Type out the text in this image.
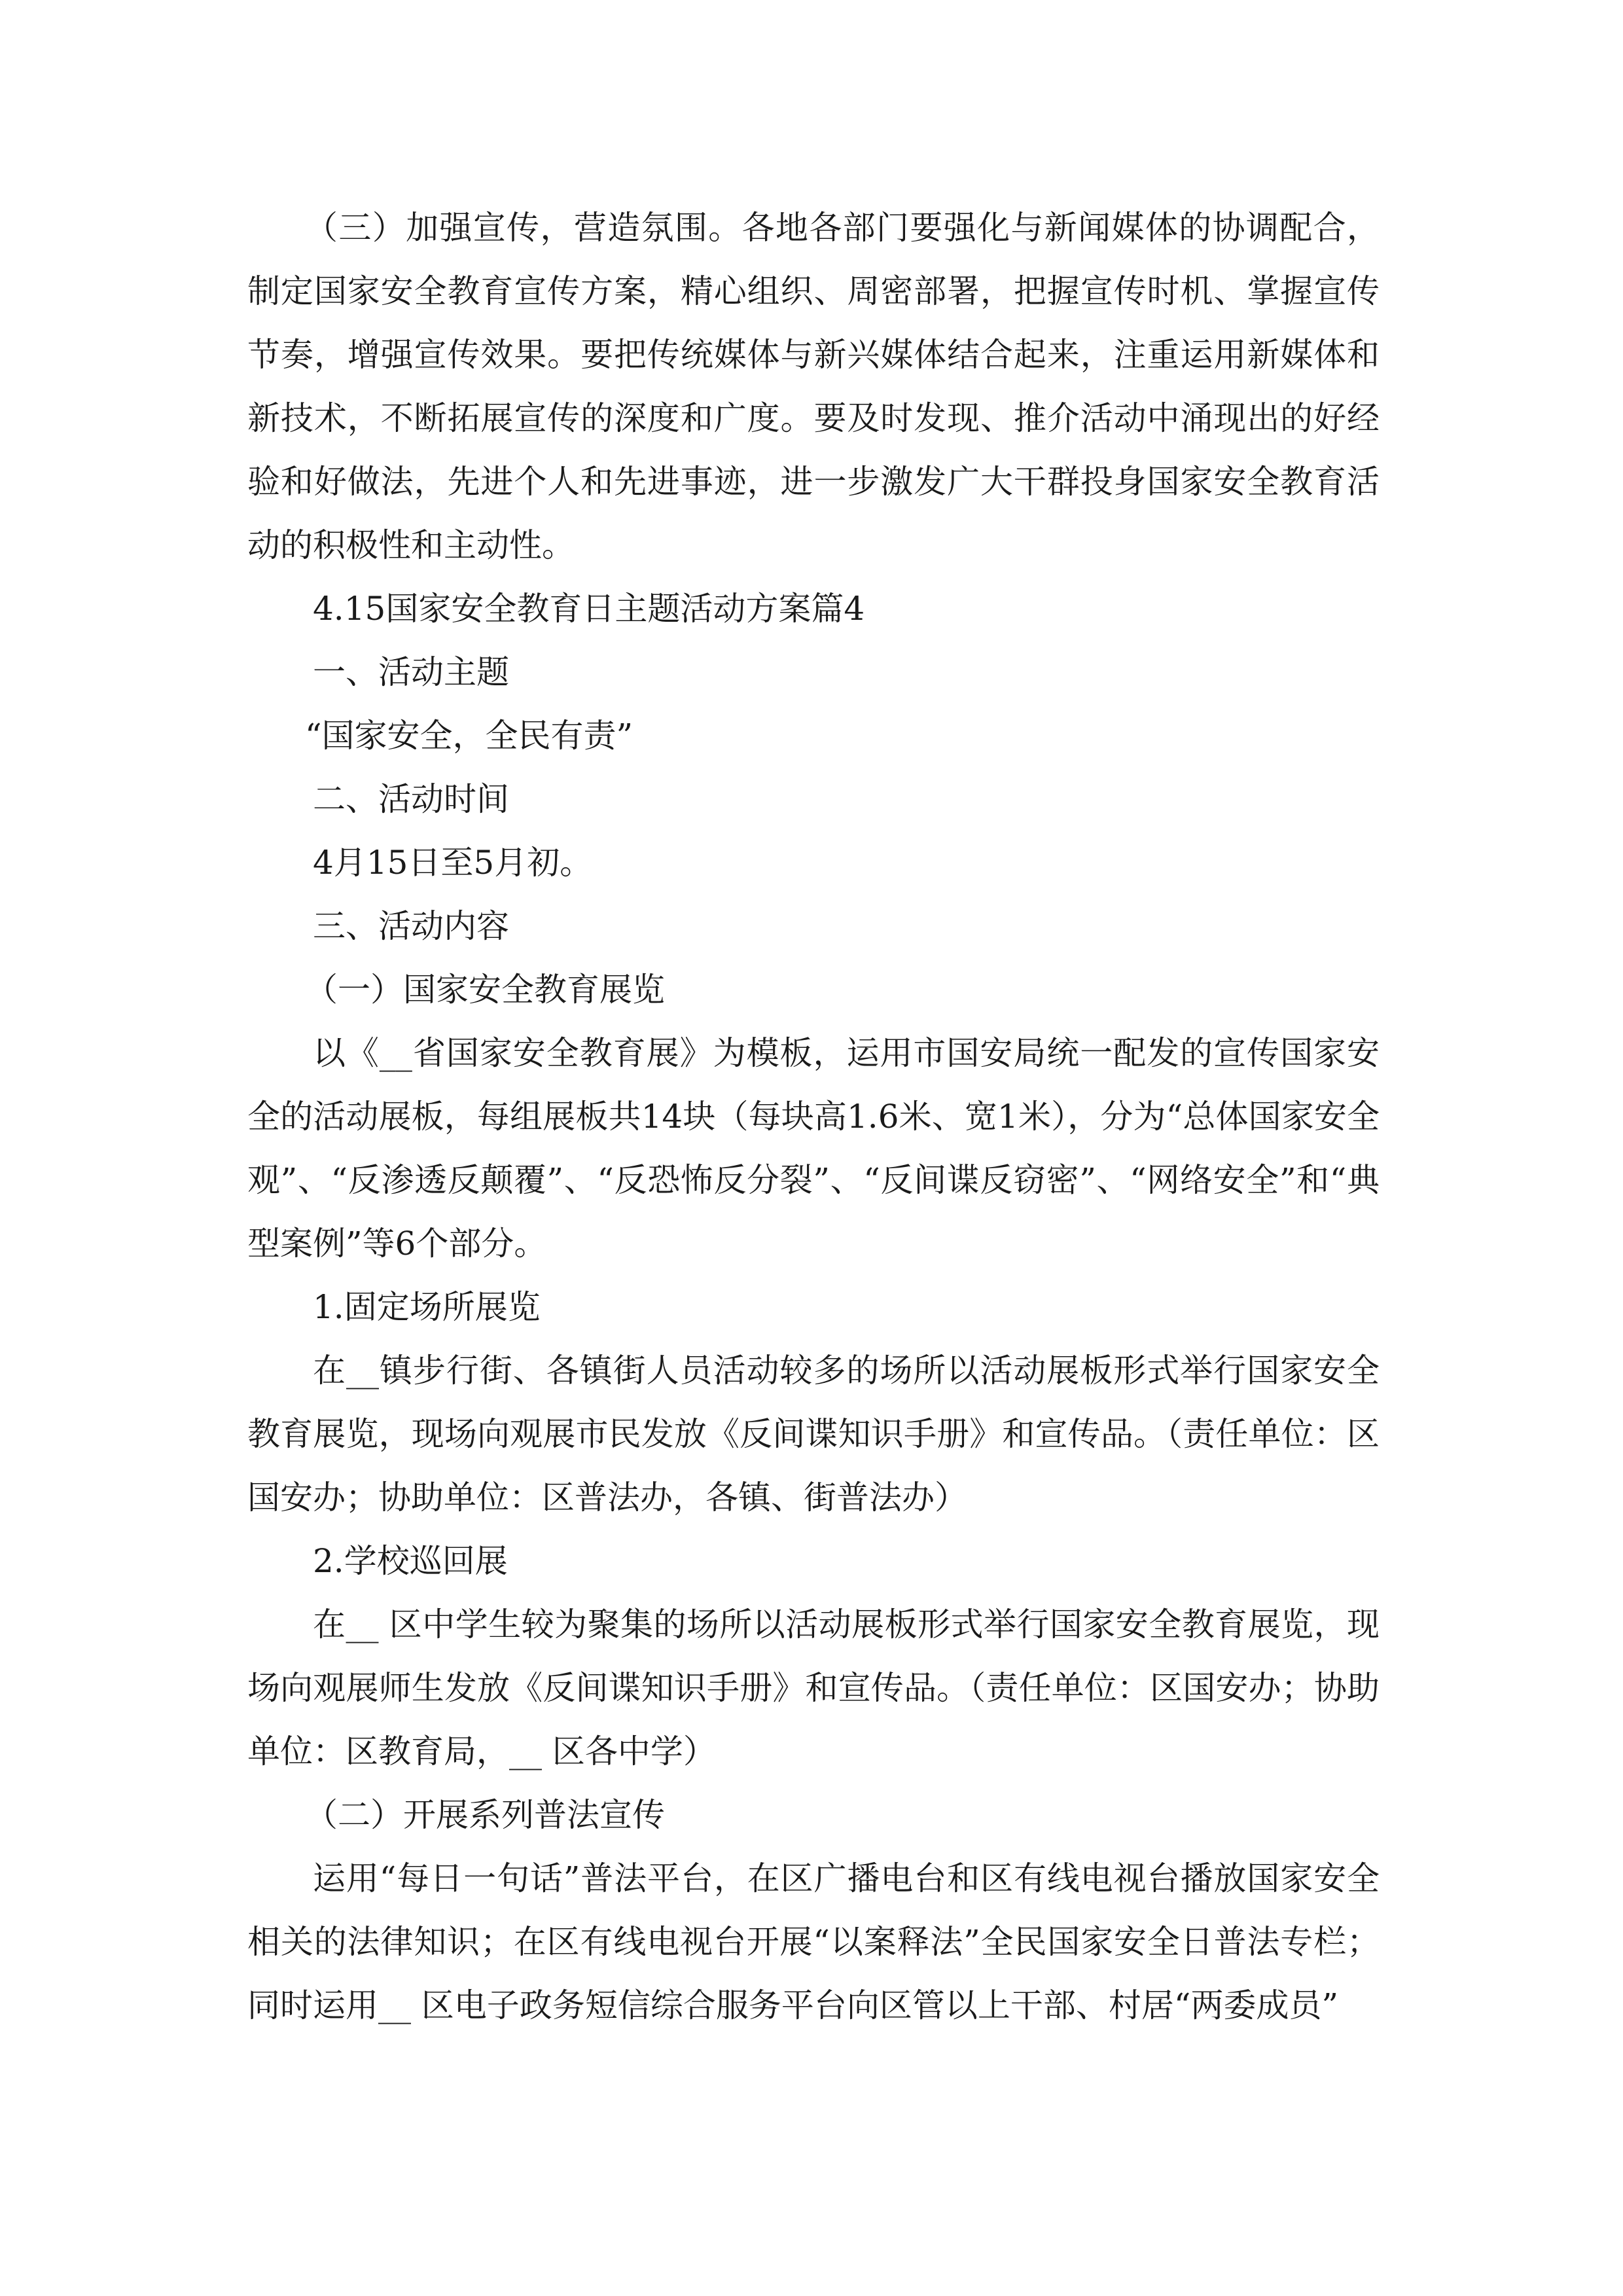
（三）加强宣传，营造氛围。各地各部门要强化与新闻媒体的协调配合，制定国家安全教育宣传方案，精心组织、周密部署，把握宣传时机、掌握宣传节奏，增强宣传效果。要把传统媒体与新兴媒体结合起来，注重运用新媒体和新技术，不断拓展宣传的深度和广度。要及时发现、推介活动中涌现出的好经验和好做法，先进个人和先进事迹，进一步激发广大干群投身国家安全教育活动的积极性和主动性。

4.15国家安全教育日主题活动方案篇4

一、活动主题

“国家安全，全民有责”

二、活动时间

4月15日至5月初。

三、活动内容

（一）国家安全教育展览

以《__省国家安全教育展》为模板，运用市国安局统一配发的宣传国家安全的活动展板，每组展板共14块（每块高1.6米、宽1米），分为“总体国家安全观”、“反渗透反颠覆”、“反恐怖反分裂”、“反间谍反窃密”、“网络安全”和“典型案例”等6个部分。

1.固定场所展览

在__镇步行街、各镇街人员活动较多的场所以活动展板形式举行国家安全教育展览，现场向观展市民发放《反间谍知识手册》和宣传品。（责任单位：区国安办；协助单位：区普法办，各镇、街普法办）

2.学校巡回展

在__ 区中学生较为聚集的场所以活动展板形式举行国家安全教育展览，现场向观展师生发放《反间谍知识手册》和宣传品。（责任单位：区国安办；协助单位：区教育局，__ 区各中学）

（二）开展系列普法宣传

运用“每日一句话”普法平台，在区广播电台和区有线电视台播放国家安全相关的法律知识；在区有线电视台开展“以案释法”全民国家安全日普法专栏；同时运用__ 区电子政务短信综合服务平台向区管以上干部、村居“两委成员”
